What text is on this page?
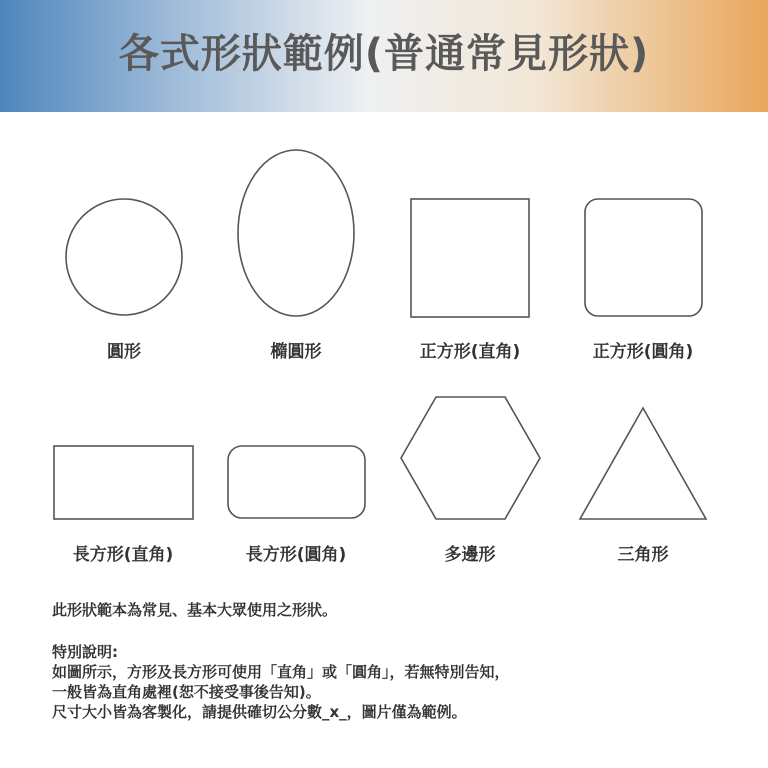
各式形狀範例(普通常見形狀)
圓形	橢圓形	正方形(直角)	正方形(圓角)
長方形(直角)	長方形(圓角)	多邊形	三角形
此形狀範本為常見、基本大眾使用之形狀。
特別說明:
如圖所示，方形及長方形可使用「直角」或「圓角」，若無特別告知，
一般皆為直角處裡(恕不接受事後告知)。
尺寸大小皆為客製化，請提供確切公分數_x_，圖片僅為範例。
